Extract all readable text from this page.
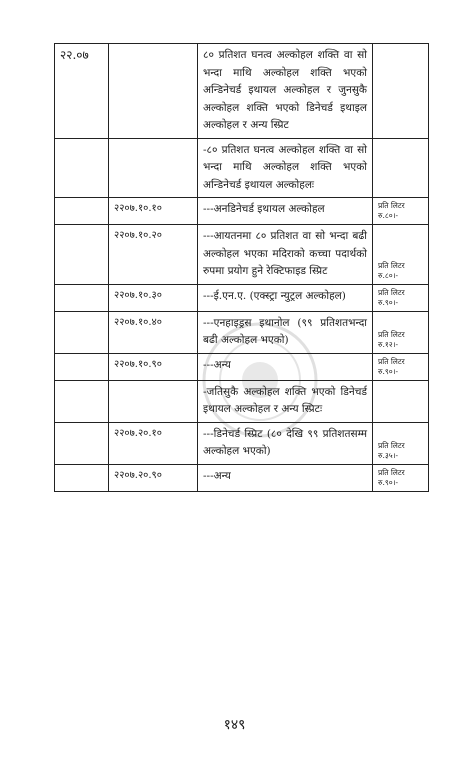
२२.०७		८० प्रतिशत घनत्व अल्कोहल शक्ति वा सो भन्दा माथि अल्कोहल शक्ति भएको अन्डिनेचर्ड इथायल अल्कोहल र जुनसुकै अल्कोहल शक्ति भएको डिनेचर्ड इथाइल अल्कोहल र अन्य स्प्रिट	

		-८० प्रतिशत घनत्व अल्कोहल शक्ति वा सो भन्दा माथि अल्कोहल शक्ति भएको अन्डिनेचर्ड इथायल अल्कोहलः	

	२२०७.१०.१०	---अनडिनेचर्ड इथायल अल्कोहल	प्रति लिटर
रु.८०।-

	२२०७.१०.२०	---आयतनमा ८० प्रतिशत वा सो भन्दा बढी अल्कोहल भएका मदिराको कच्चा पदार्थको रुपमा प्रयोग हुने रेक्टिफाइड स्प्रिट	प्रति लिटर
रु.८०।-

	२२०७.१०.३०	---ई.एन.ए. (एक्स्ट्रा न्युट्रल अल्कोहल)	प्रति लिटर
रु.९०।-

	२२०७.१०.४०	---एनहाइड्रस इथानोल (९९ प्रतिशतभन्दा बढी अल्कोहल भएको)	प्रति लिटर
रु.१२।-

	२२०७.१०.९०	---अन्य	प्रति लिटर
रु.९०।-

		-जतिसुकै अल्कोहल शक्ति भएको डिनेचर्ड इथायल अल्कोहल र अन्य स्प्रिटः	

	२२०७.२०.१०	---डिनेचर्ड स्प्रिट (८० देखि ९९ प्रतिशतसम्म अल्कोहल भएको)	प्रति लिटर
रु.३५।-

	२२०७.२०.९०	---अन्य	प्रति लिटर
रु.९०।-
१४९
